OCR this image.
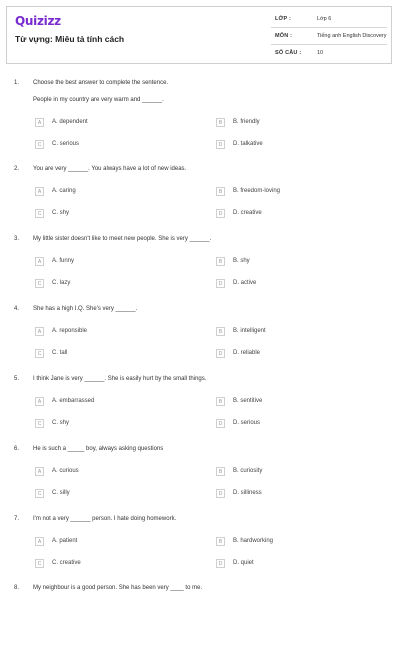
Quizizz
Từ vựng: Miêu tả tính cách
LỚP :	Lớp 6
MÔN :	Tiếng anh English Discovery
SỐ CÂU :	10
1. Choose the best answer to complete the sentence.
People in my country are very warm and ______.
A	A. dependent	B	B. friendly
C	C. serious	D	D. talkative
2. You are very ______. You always have a lot of new ideas.
A	A. caring	B	B. freedom-loving
C	C. shy	D	D. creative
3. My little sister doesn't like to meet new people. She is very ______.
A	A. funny	B	B. shy
C	C. lazy	D	D. active
4. She has a high I.Q. She's very ______.
A	A. reponsible	B	B. intelligent
C	C. tall	D	D. reliable
5. I think Jane is very ______. She is easily hurt by the small things.
A	A. embarrassed	B	B. sentitive
C	C. shy	D	D. serious
6. He is such a _____ boy, always asking questions
A	A. curious	B	B. curiosity
C	C. silly	D	D. silliness
7. I'm not a very ______ person. I hate doing homework.
A	A. patient	B	B. hardworking
C	C. creative	D	D. quiet
8. My neighbour is a good person. She has been very ____ to me.
